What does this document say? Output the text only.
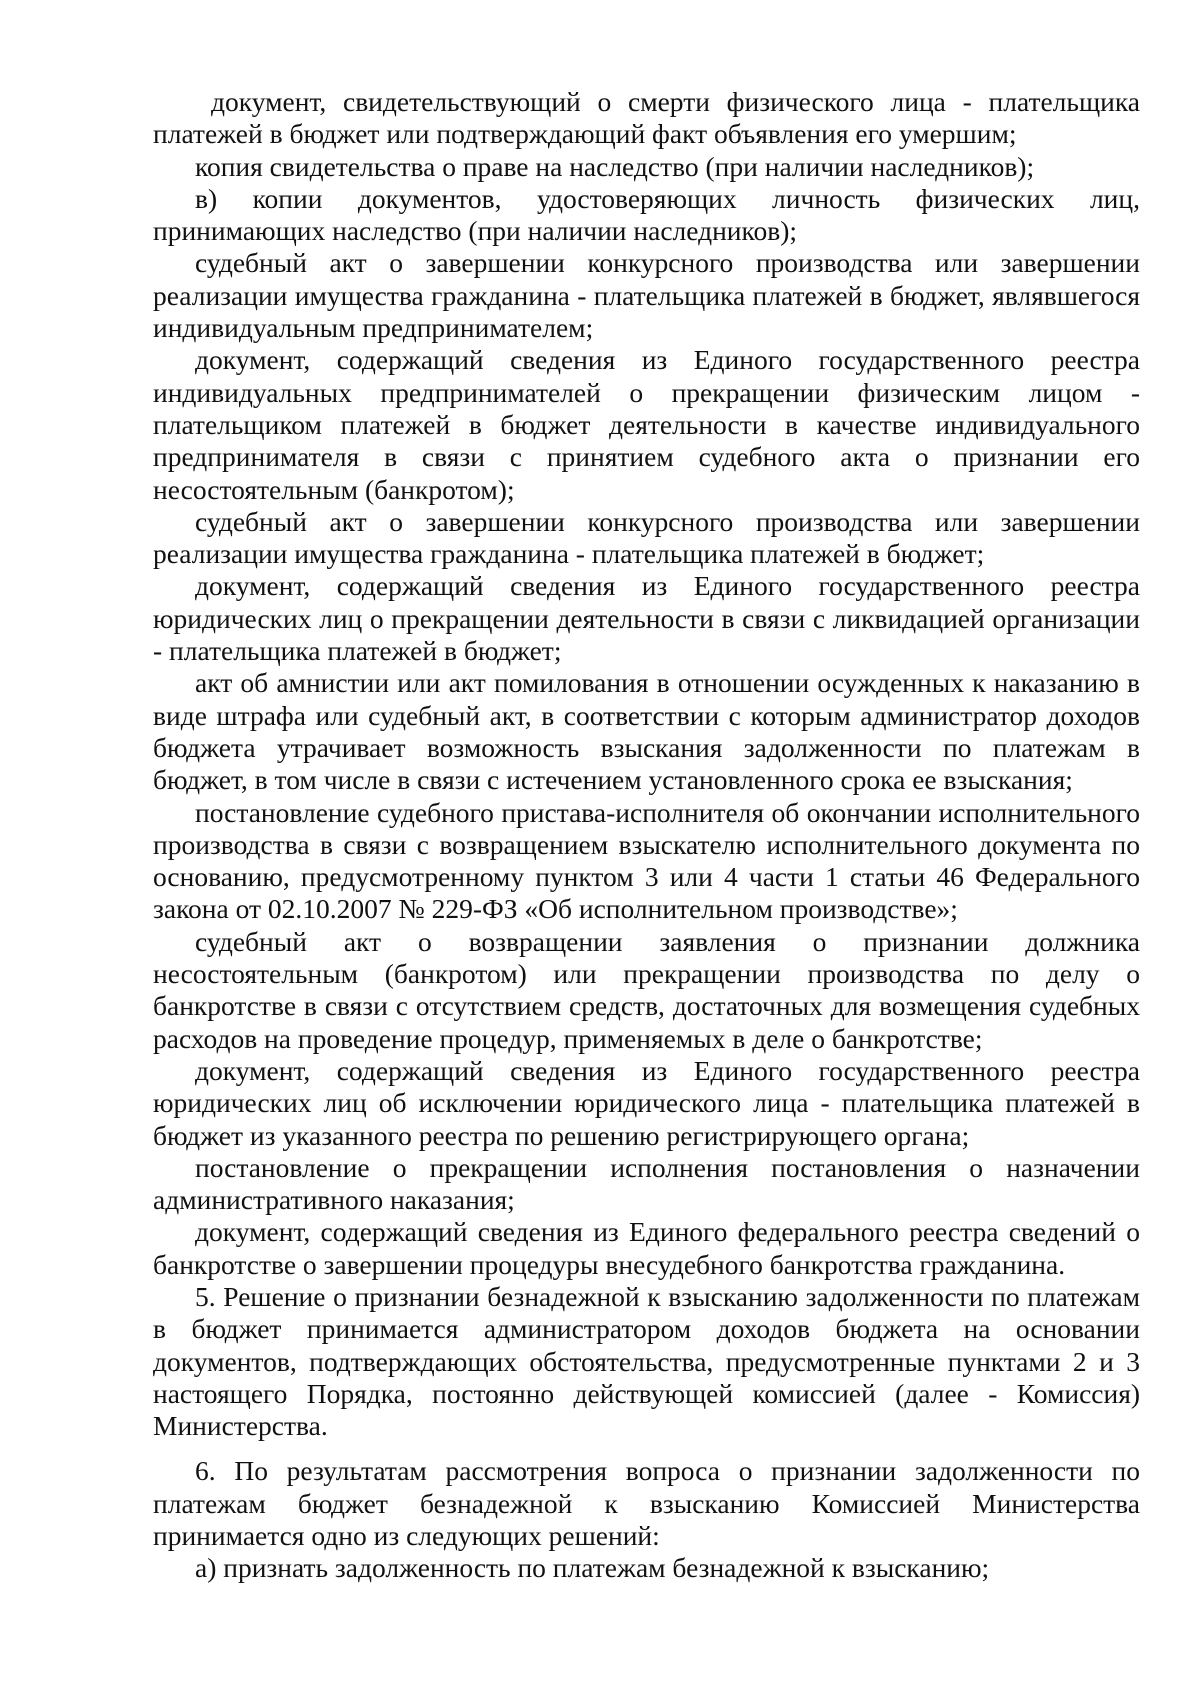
документ, свидетельствующий о смерти физического лица - плательщика платежей в бюджет или подтверждающий факт объявления его умершим;

копия свидетельства о праве на наследство (при наличии наследников);

в) копии документов, удостоверяющих личность физических лиц, принимающих наследство (при наличии наследников);

судебный акт о завершении конкурсного производства или завершении реализации имущества гражданина - плательщика платежей в бюджет, являвшегося индивидуальным предпринимателем;

документ, содержащий сведения из Единого государственного реестра индивидуальных предпринимателей о прекращении физическим лицом - плательщиком платежей в бюджет деятельности в качестве индивидуального предпринимателя в связи с принятием судебного акта о признании его несостоятельным (банкротом);

судебный акт о завершении конкурсного производства или завершении реализации имущества гражданина - плательщика платежей в бюджет;

документ, содержащий сведения из Единого государственного реестра юридических лиц о прекращении деятельности в связи с ликвидацией организации - плательщика платежей в бюджет;

акт об амнистии или акт помилования в отношении осужденных к наказанию в виде штрафа или судебный акт, в соответствии с которым администратор доходов бюджета утрачивает возможность взыскания задолженности по платежам в бюджет, в том числе в связи с истечением установленного срока ее взыскания;

постановление судебного пристава-исполнителя об окончании исполнительного производства в связи с возвращением взыскателю исполнительного документа по основанию, предусмотренному пунктом 3 или 4 части 1 статьи 46 Федерального закона от 02.10.2007 № 229-ФЗ «Об исполнительном производстве»;

судебный акт о возвращении заявления о признании должника несостоятельным (банкротом) или прекращении производства по делу о банкротстве в связи с отсутствием средств, достаточных для возмещения судебных расходов на проведение процедур, применяемых в деле о банкротстве;

документ, содержащий сведения из Единого государственного реестра юридических лиц об исключении юридического лица - плательщика платежей в бюджет из указанного реестра по решению регистрирующего органа;

постановление о прекращении исполнения постановления о назначении административного наказания;

документ, содержащий сведения из Единого федерального реестра сведений о банкротстве о завершении процедуры внесудебного банкротства гражданина.

5. Решение о признании безнадежной к взысканию задолженности по платежам в бюджет принимается администратором доходов бюджета на основании документов, подтверждающих обстоятельства, предусмотренные пунктами 2 и 3 настоящего Порядка, постоянно действующей комиссией (далее - Комиссия) Министерства.

6. По результатам рассмотрения вопроса о признании задолженности по платежам бюджет безнадежной к взысканию Комиссией Министерства принимается одно из следующих решений:

а) признать задолженность по платежам безнадежной к взысканию;
